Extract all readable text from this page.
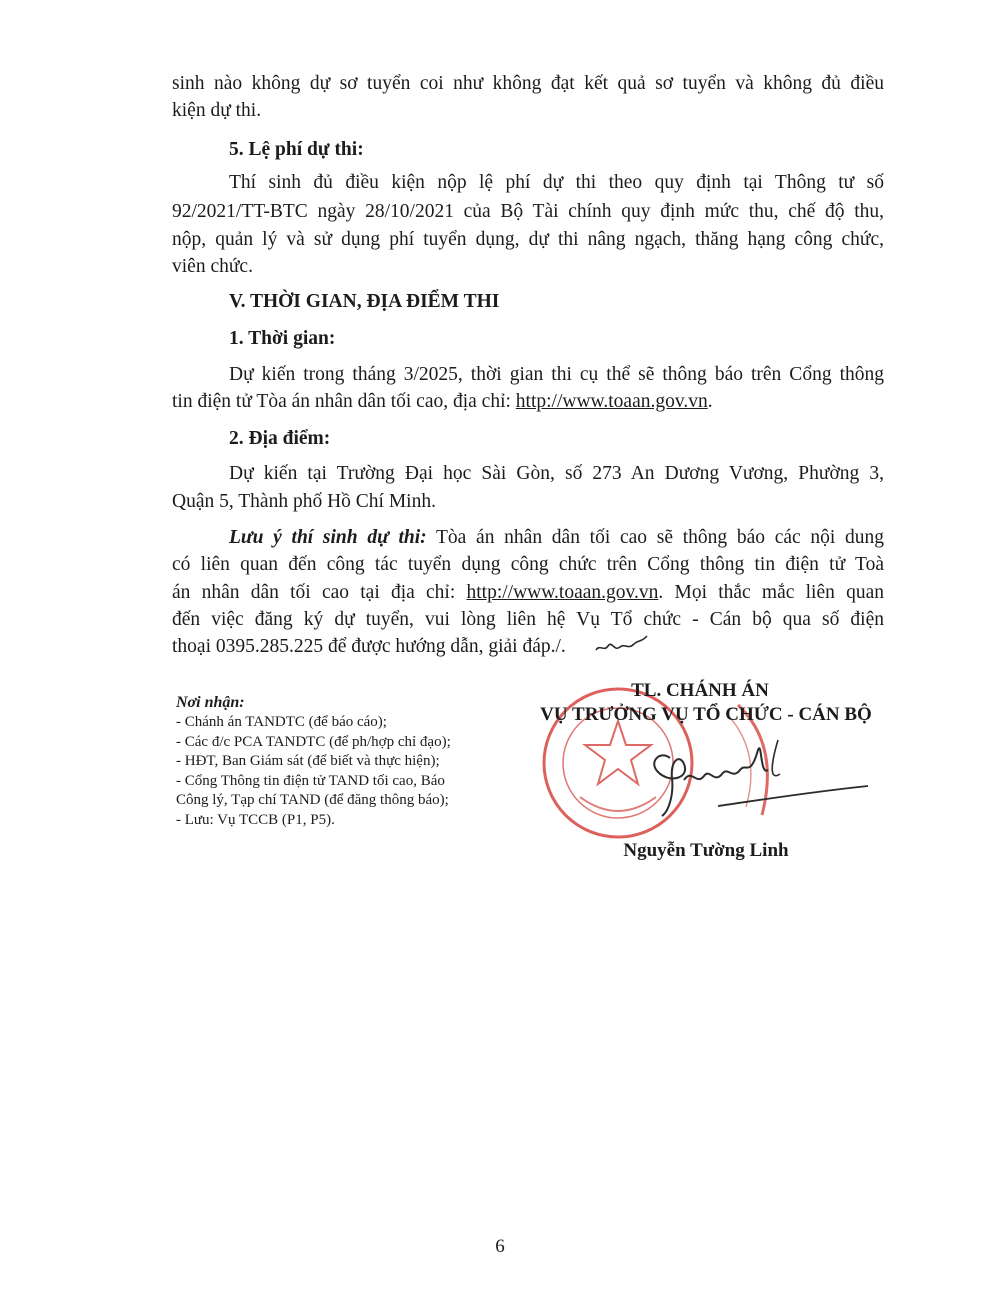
sinh nào không dự sơ tuyển coi như không đạt kết quả sơ tuyển và không đủ điều
kiện dự thi.
5. Lệ phí dự thi:
Thí sinh đủ điều kiện nộp lệ phí dự thi theo quy định tại Thông tư số
92/2021/TT-BTC ngày 28/10/2021 của Bộ Tài chính quy định mức thu, chế độ thu,
nộp, quản lý và sử dụng phí tuyển dụng, dự thi nâng ngạch, thăng hạng công chức,
viên chức.
V. THỜI GIAN, ĐỊA ĐIỂM THI
1. Thời gian:
Dự kiến trong tháng 3/2025, thời gian thi cụ thể sẽ thông báo trên Cổng thông
tin điện tử Tòa án nhân dân tối cao, địa chỉ: http://www.toaan.gov.vn.
2. Địa điểm:
Dự kiến tại Trường Đại học Sài Gòn, số 273 An Dương Vương, Phường 3,
Quận 5, Thành phố Hồ Chí Minh.
Lưu ý thí sinh dự thi: Tòa án nhân dân tối cao sẽ thông báo các nội dung
có liên quan đến công tác tuyển dụng công chức trên Cổng thông tin điện tử Toà
án nhân dân tối cao tại địa chỉ: http://www.toaan.gov.vn. Mọi thắc mắc liên quan
đến việc đăng ký dự tuyển, vui lòng liên hệ Vụ Tổ chức - Cán bộ qua số điện
thoại 0395.285.225 để được hướng dẫn, giải đáp./.
Nơi nhận:
- Chánh án TANDTC (để báo cáo);
- Các đ/c PCA TANDTC (để ph/hợp chỉ đạo);
- HĐT, Ban Giám sát (để biết và thực hiện);
- Cổng Thông tin điện tử TAND tối cao, Báo
Công lý, Tạp chí TAND (để đăng thông báo);
- Lưu: Vụ TCCB (P1, P5).
TL. CHÁNH ÁN
VỤ TRƯỞNG VỤ TỔ CHỨC - CÁN BỘ
Nguyễn Tường Linh
6
